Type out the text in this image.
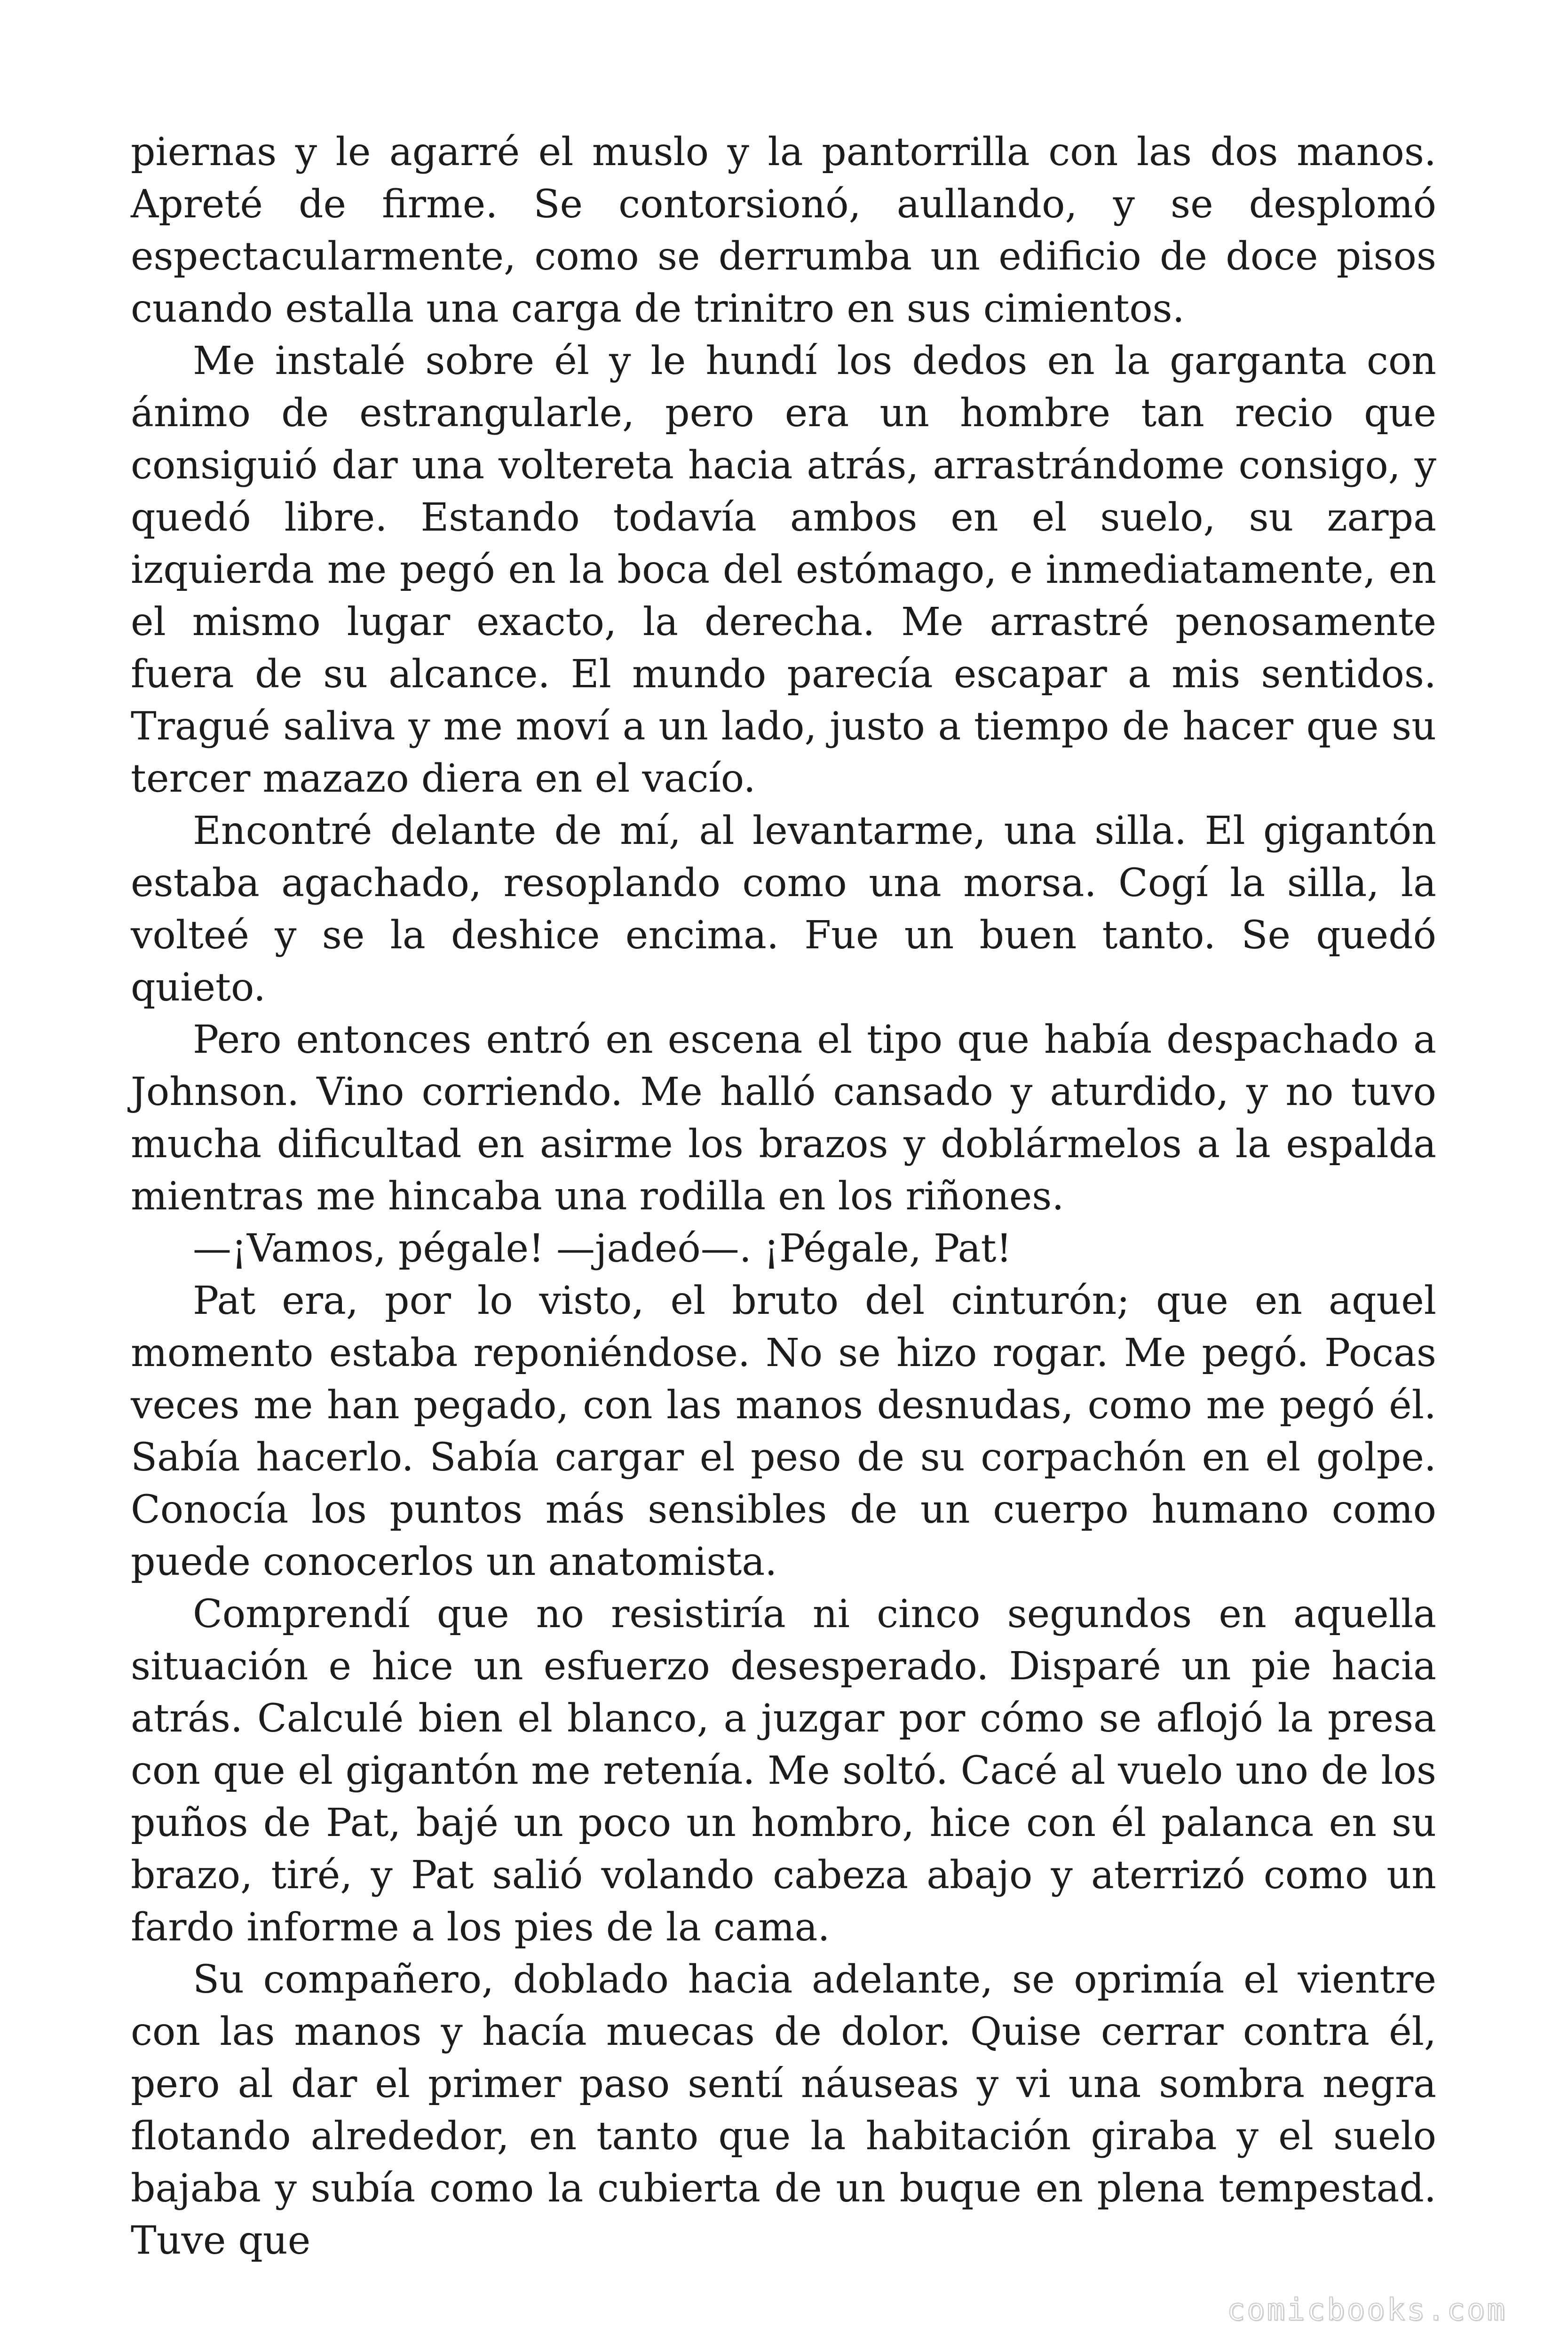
piernas y le agarré el muslo y la pantorrilla con las dos manos. Apreté de firme. Se contorsionó, aullando, y se desplomó espectacularmente, como se derrumba un edificio de doce pisos cuando estalla una carga de trinitro en sus cimientos.

Me instalé sobre él y le hundí los dedos en la garganta con ánimo de estrangularle, pero era un hombre tan recio que consiguió dar una voltereta hacia atrás, arrastrándome consigo, y quedó libre. Estando todavía ambos en el suelo, su zarpa izquierda me pegó en la boca del estómago, e inmediatamente, en el mismo lugar exacto, la derecha. Me arrastré penosamente fuera de su alcance. El mundo parecía escapar a mis sentidos. Tragué saliva y me moví a un lado, justo a tiempo de hacer que su tercer mazazo diera en el vacío.

Encontré delante de mí, al levantarme, una silla. El gigantón estaba agachado, resoplando como una morsa. Cogí la silla, la volteé y se la deshice encima. Fue un buen tanto. Se quedó quieto.

Pero entonces entró en escena el tipo que había despachado a Johnson. Vino corriendo. Me halló cansado y aturdido, y no tuvo mucha dificultad en asirme los brazos y doblármelos a la espalda mientras me hincaba una rodilla en los riñones.

—¡Vamos, pégale! —jadeó—. ¡Pégale, Pat!

Pat era, por lo visto, el bruto del cinturón; que en aquel momento estaba reponiéndose. No se hizo rogar. Me pegó. Pocas veces me han pegado, con las manos desnudas, como me pegó él. Sabía hacerlo. Sabía cargar el peso de su corpachón en el golpe. Conocía los puntos más sensibles de un cuerpo humano como puede conocerlos un anatomista.

Comprendí que no resistiría ni cinco segundos en aquella situación e hice un esfuerzo desesperado. Disparé un pie hacia atrás. Calculé bien el blanco, a juzgar por cómo se aflojó la presa con que el gigantón me retenía. Me soltó. Cacé al vuelo uno de los puños de Pat, bajé un poco un hombro, hice con él palanca en su brazo, tiré, y Pat salió volando cabeza abajo y aterrizó como un fardo informe a los pies de la cama.

Su compañero, doblado hacia adelante, se oprimía el vientre con las manos y hacía muecas de dolor. Quise cerrar contra él, pero al dar el primer paso sentí náuseas y vi una sombra negra flotando alrededor, en tanto que la habitación giraba y el suelo bajaba y subía como la cubierta de un buque en plena tempestad. Tuve que

comicbooks.com
